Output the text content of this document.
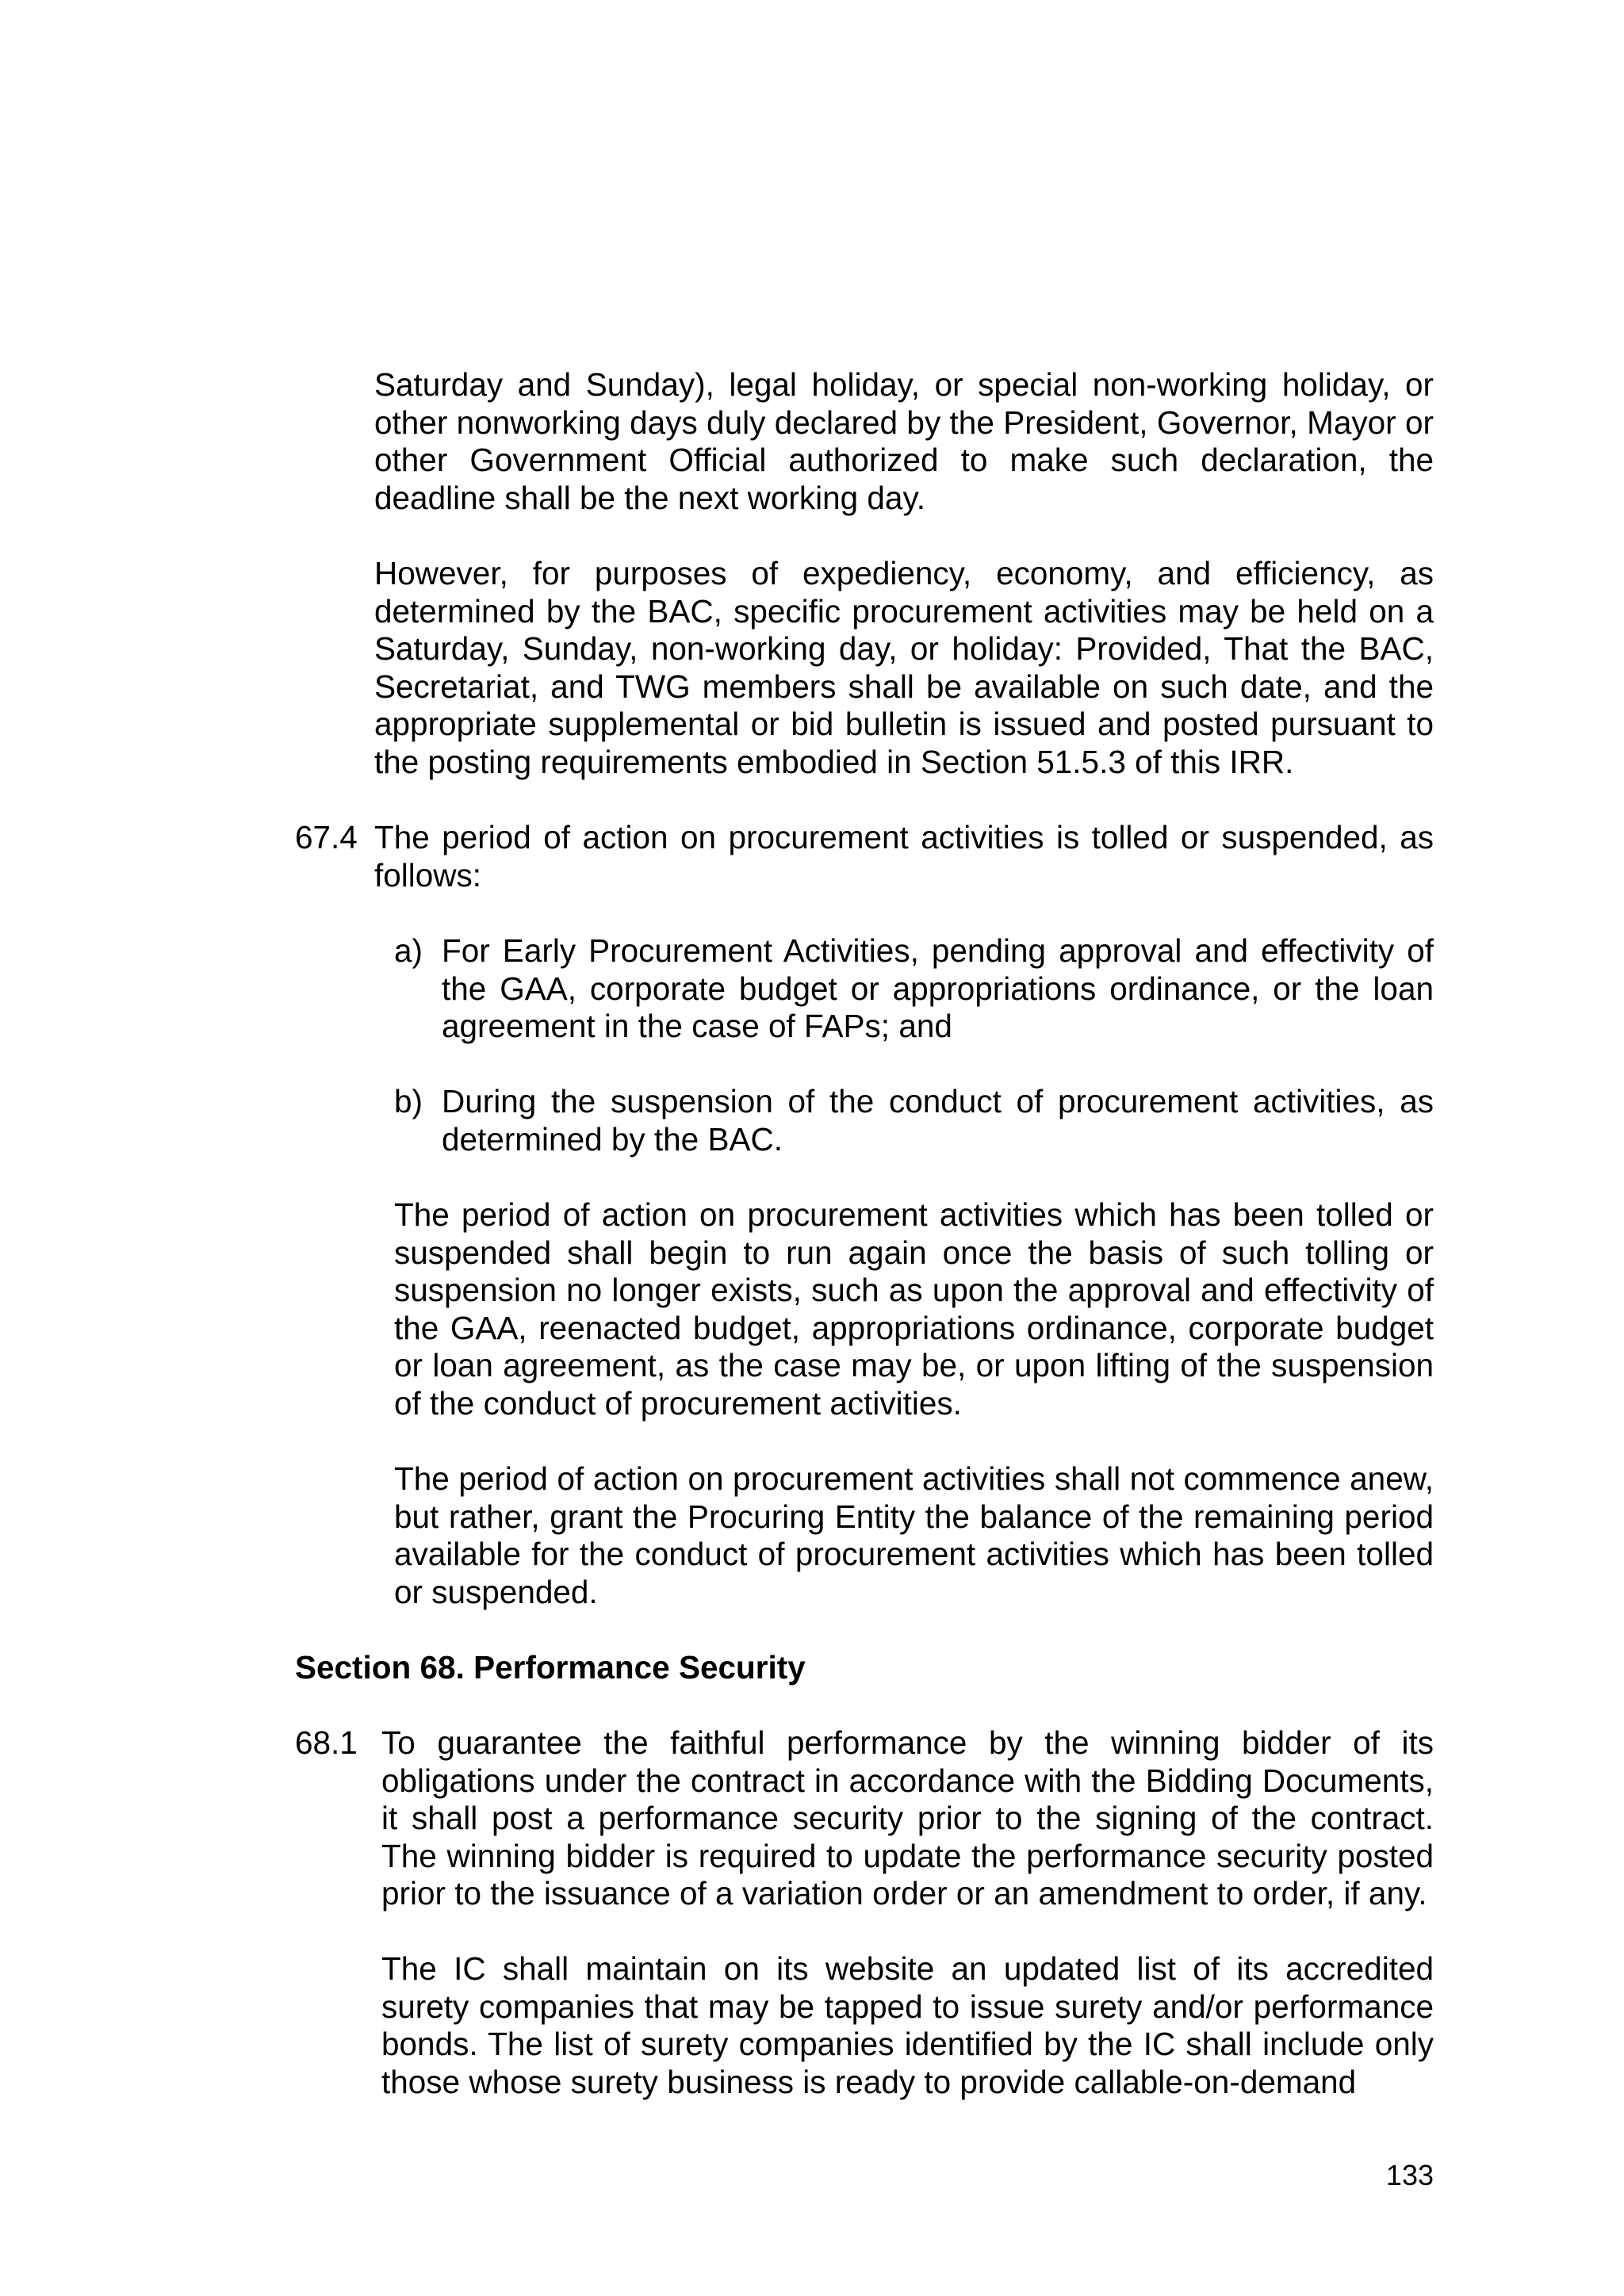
Saturday and Sunday), legal holiday, or special non-working holiday, or other nonworking days duly declared by the President, Governor, Mayor or other Government Official authorized to make such declaration, the deadline shall be the next working day.

However, for purposes of expediency, economy, and efficiency, as determined by the BAC, specific procurement activities may be held on a Saturday, Sunday, non-working day, or holiday: Provided, That the BAC, Secretariat, and TWG members shall be available on such date, and the appropriate supplemental or bid bulletin is issued and posted pursuant to the posting requirements embodied in Section 51.5.3 of this IRR.

67.4 The period of action on procurement activities is tolled or suspended, as follows:

a) For Early Procurement Activities, pending approval and effectivity of the GAA, corporate budget or appropriations ordinance, or the loan agreement in the case of FAPs; and

b) During the suspension of the conduct of procurement activities, as determined by the BAC.

The period of action on procurement activities which has been tolled or suspended shall begin to run again once the basis of such tolling or suspension no longer exists, such as upon the approval and effectivity of the GAA, reenacted budget, appropriations ordinance, corporate budget or loan agreement, as the case may be, or upon lifting of the suspension of the conduct of procurement activities.

The period of action on procurement activities shall not commence anew, but rather, grant the Procuring Entity the balance of the remaining period available for the conduct of procurement activities which has been tolled or suspended.

Section 68. Performance Security
68.1 To guarantee the faithful performance by the winning bidder of its obligations under the contract in accordance with the Bidding Documents, it shall post a performance security prior to the signing of the contract. The winning bidder is required to update the performance security posted prior to the issuance of a variation order or an amendment to order, if any.

The IC shall maintain on its website an updated list of its accredited surety companies that may be tapped to issue surety and/or performance bonds. The list of surety companies identified by the IC shall include only those whose surety business is ready to provide callable-on-demand

133
